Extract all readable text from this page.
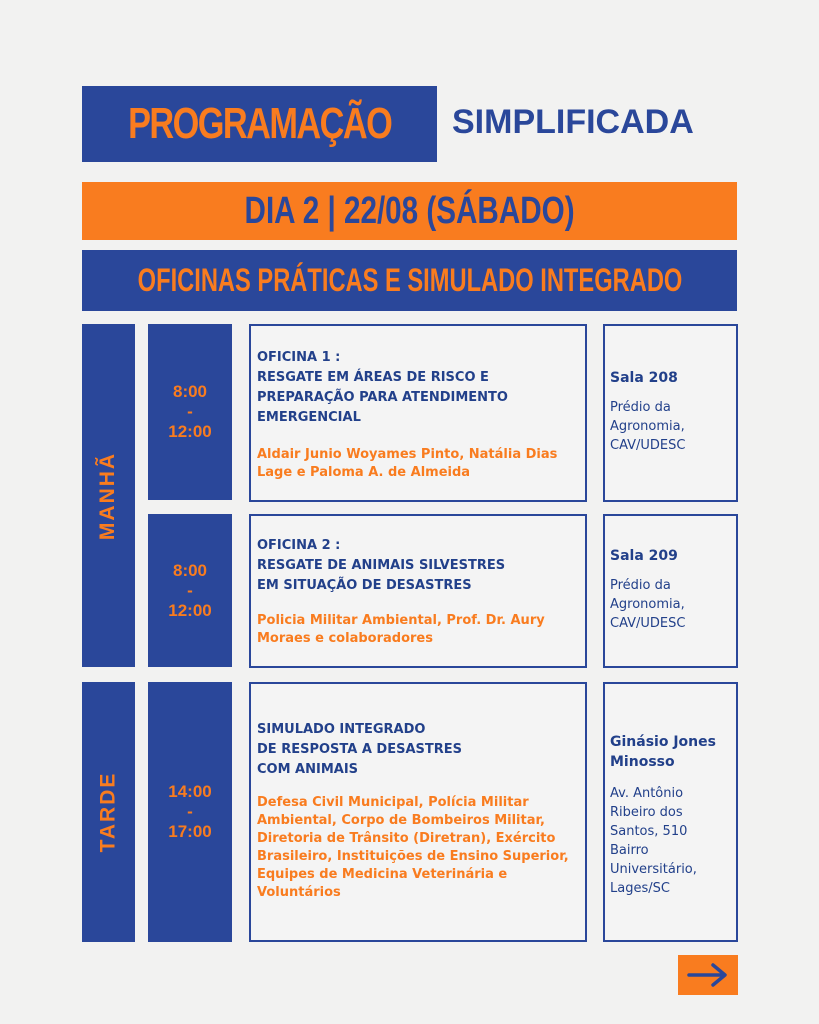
PROGRAMAÇÃO SIMPLIFICADA
DIA 2 | 22/08 (SÁBADO)
OFICINAS PRÁTICAS E SIMULADO INTEGRADO
MANHÃ
TARDE
8:00
-
12:00
OFICINA 1 :
RESGATE EM ÁREAS DE RISCO E
PREPARAÇÃO PARA ATENDIMENTO
EMERGENCIAL
Aldair Junio Woyames Pinto, Natália Dias Lage e Paloma A. de Almeida
Sala 208
Prédio da
Agronomia,
CAV/UDESC
8:00
-
12:00
OFICINA 2 :
RESGATE DE ANIMAIS SILVESTRES
EM SITUAÇÃO DE DESASTRES
Policia Militar Ambiental, Prof. Dr. Aury Moraes e colaboradores
Sala 209
Prédio da
Agronomia,
CAV/UDESC
14:00
-
17:00
SIMULADO INTEGRADO
DE RESPOSTA A DESASTRES
COM ANIMAIS
Defesa Civil Municipal, Polícia Militar Ambiental, Corpo de Bombeiros Militar, Diretoria de Trânsito (Diretran), Exército Brasileiro, Instituições de Ensino Superior, Equipes de Medicina Veterinária e Voluntários
Ginásio Jones Minosso
Av. Antônio
Ribeiro dos
Santos, 510
Bairro
Universitário,
Lages/SC
